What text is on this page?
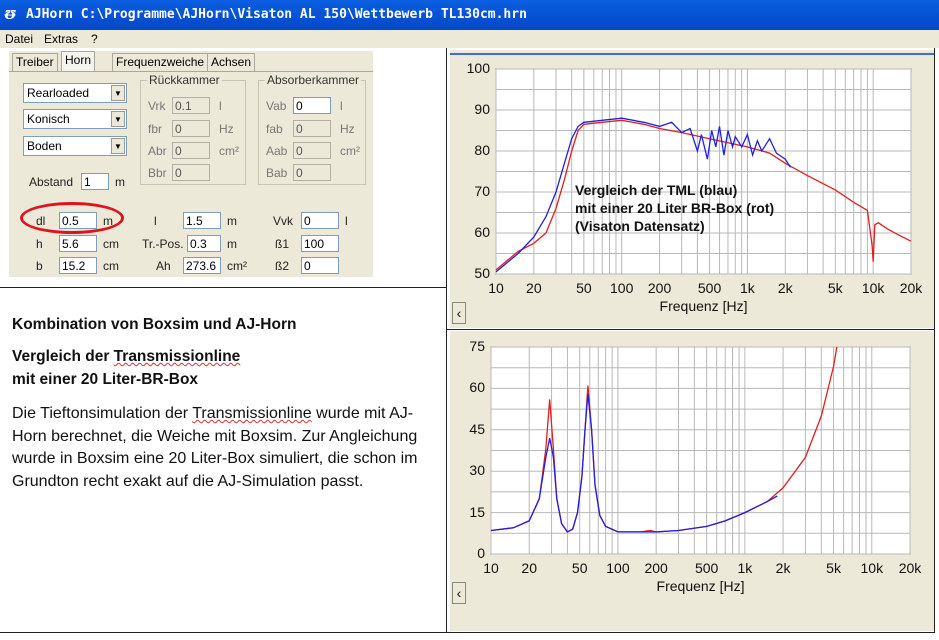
ᵿ AJHorn C:\Programme\AJHorn\Visaton AL 150\Wettbewerb TL130cm.hrn
Datei Extras ?
Treiber Horn	Frequenzweiche Achsen
Rearloaded	▼
Konisch	▼
Boden	▼
Abstand 1	m
Rückkammer	Absorberkammer
Vrk 0.1	l
fbr 0	Hz
Abr 0	cm²
Bbr 0
Vab 0	l
fab 0	Hz
Aab 0	cm²
Bab 0
dl 0.5	m
h 5.6	cm
b 15.2	cm
l 1.5	m
Tr.-Pos. 0.3	m
Ah 273.6 cm²
Vvk 0	l
ß1 100
ß2 0
Kombination von Boxsim und AJ-Horn
Vergleich der Transmissionline
mit einer 20 Liter-BR-Box
Die Tieftonsimulation der Transmissionline wurde mit AJ-Horn berechnet, die Weiche mit Boxsim. Zur Angleichung wurde in Boxsim eine 20 Liter-Box simuliert, die schon im Grundton recht exakt auf die AJ-Simulation passt.
‹
‹
100
90
80
70
60
50
10 20 50 100 200 500 1k 2k	5k 10k 20k
Frequenz [Hz]
Vergleich der TML (blau)
mit einer 20 Liter BR-Box (rot)
(Visaton Datensatz)
75
60
45
30
15
0
10 20 50 100 200 500 1k 2k	5k 10k 20k
Frequenz [Hz]
